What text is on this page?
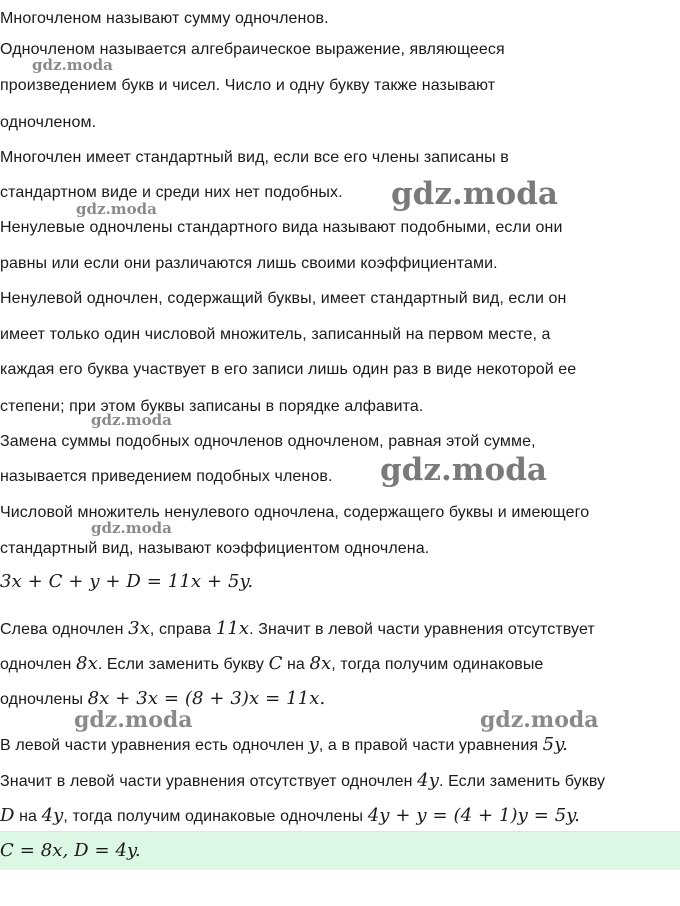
Многочленом называют сумму одночленов.
Одночленом называется алгебраическое выражение, являющееся
произведением букв и чисел. Число и одну букву также называют
одночленом.
Многочлен имеет стандартный вид, если все его члены записаны в
стандартном виде и среди них нет подобных.
Ненулевые одночлены стандартного вида называют подобными, если они
равны или если они различаются лишь своими коэффициентами.
Ненулевой одночлен, содержащий буквы, имеет стандартный вид, если он
имеет только один числовой множитель, записанный на первом месте, а
каждая его буква участвует в его записи лишь один раз в виде некоторой ее
степени; при этом буквы записаны в порядке алфавита.
Замена суммы подобных одночленов одночленом, равная этой сумме,
называется приведением подобных членов.
Числовой множитель ненулевого одночлена, содержащего буквы и имеющего
стандартный вид, называют коэффициентом одночлена.
3x + C + y + D = 11x + 5y.
Слева одночлен 3x, справа 11x. Значит в левой части уравнения отсутствует
одночлен 8x. Если заменить букву C на 8x, тогда получим одинаковые
одночлены 8x + 3x = (8 + 3)x = 11x.
В левой части уравнения есть одночлен y, а в правой части уравнения 5y.
Значит в левой части уравнения отсутствует одночлен 4y. Если заменить букву
D на 4y, тогда получим одинаковые одночлены 4y + y = (4 + 1)y = 5y.
C = 8x, D = 4y.
gdz.moda
gdz.moda
gdz.moda
gdz.moda
gdz.moda
gdz.moda
gdz.moda	gdz.moda
